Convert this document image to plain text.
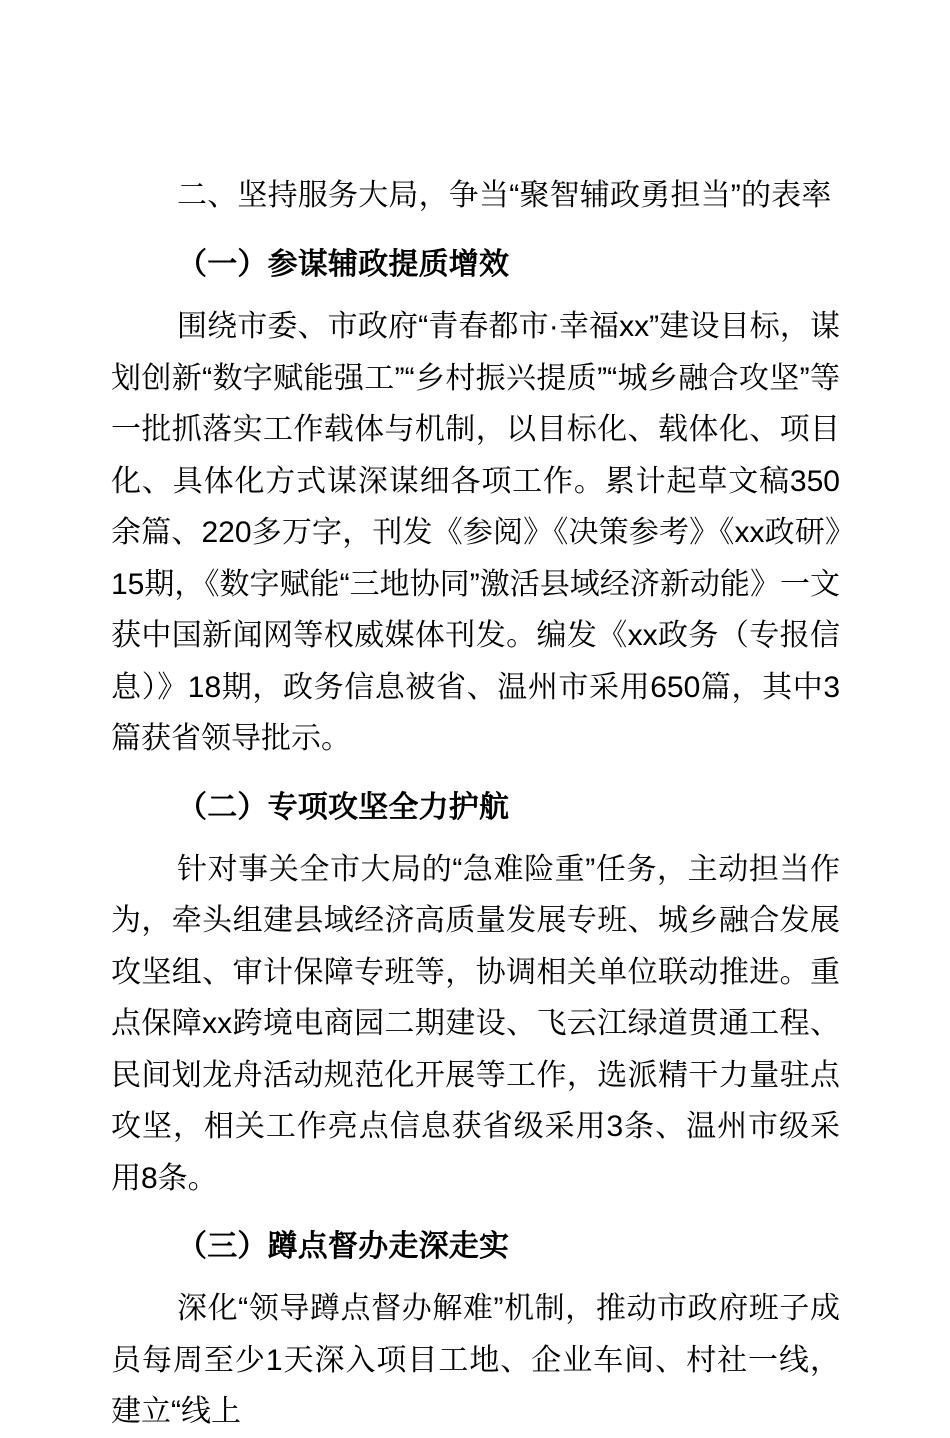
二、坚持服务大局，争当“聚智辅政勇担当”的表率

（一）参谋辅政提质增效

围绕市委、市政府“青春都市·幸福xx”建设目标，谋划创新“数字赋能强工”“乡村振兴提质”“城乡融合攻坚”等一批抓落实工作载体与机制，以目标化、载体化、项目化、具体化方式谋深谋细各项工作。累计起草文稿350余篇、220多万字，刊发《参阅》《决策参考》《xx政研》15期，《数字赋能“三地协同”激活县域经济新动能》一文获中国新闻网等权威媒体刊发。编发《xx政务（专报信息）》18期，政务信息被省、温州市采用650篇，其中3篇获省领导批示。

（二）专项攻坚全力护航

针对事关全市大局的“急难险重”任务，主动担当作为，牵头组建县域经济高质量发展专班、城乡融合发展攻坚组、审计保障专班等，协调相关单位联动推进。重点保障xx跨境电商园二期建设、飞云江绿道贯通工程、民间划龙舟活动规范化开展等工作，选派精干力量驻点攻坚，相关工作亮点信息获省级采用3条、温州市级采用8条。

（三）蹲点督办走深走实

深化“领导蹲点督办解难”机制，推动市政府班子成员每周至少1天深入项目工地、企业车间、村社一线，建立“线上
